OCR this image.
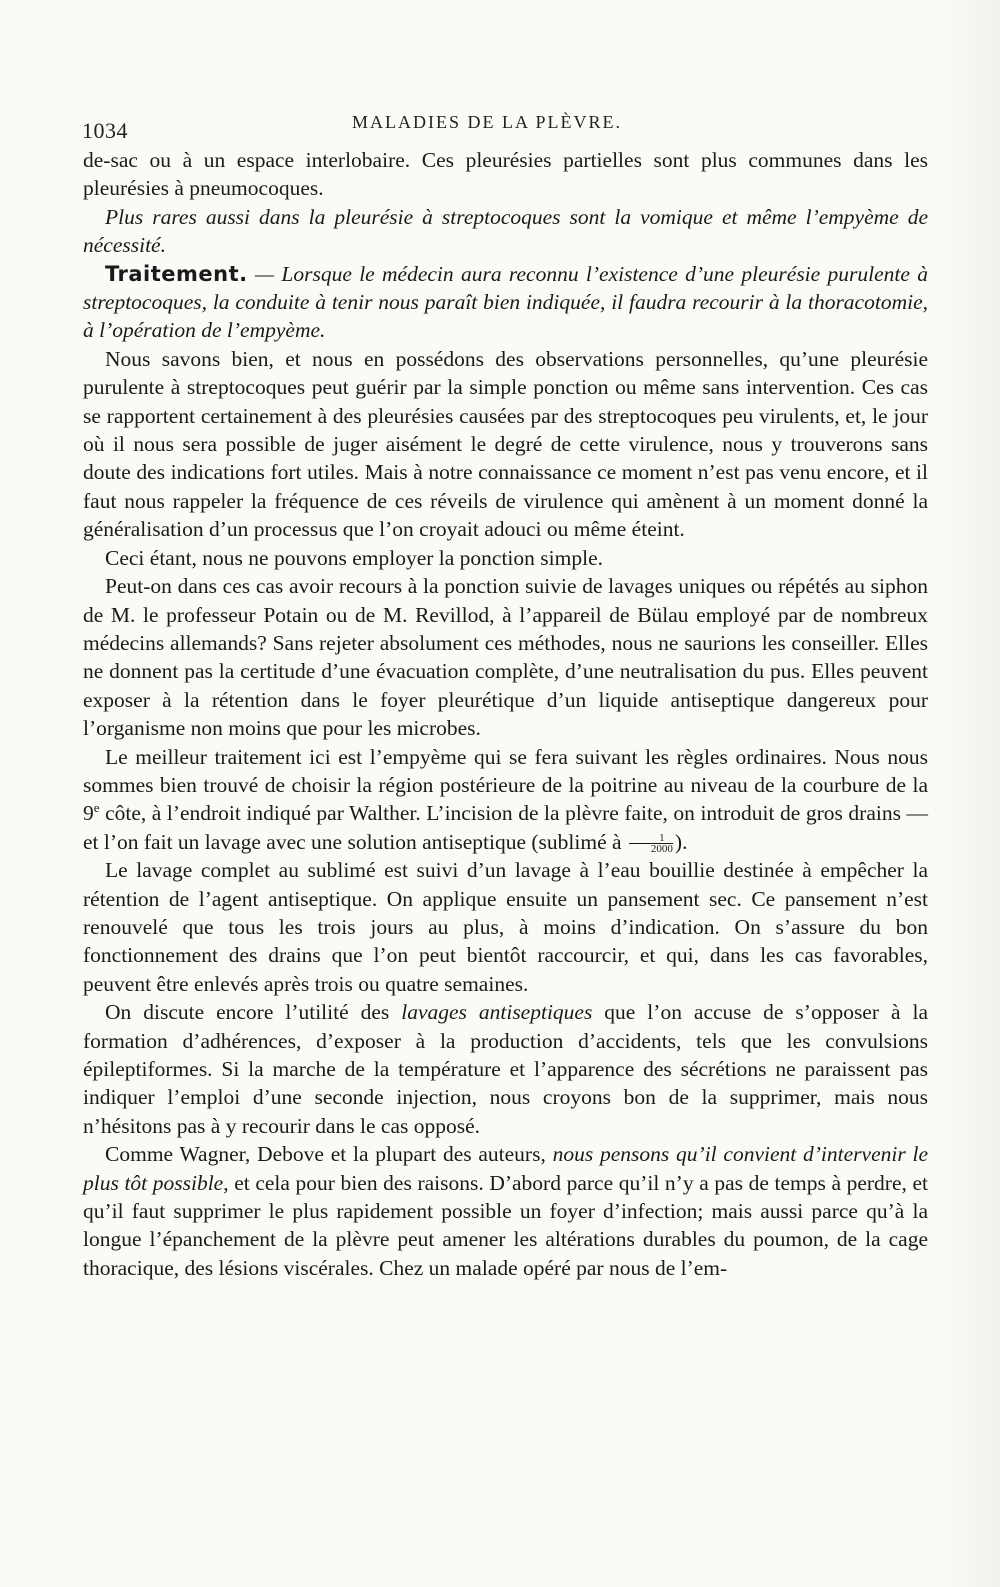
1034	MALADIES DE LA PLÈVRE.

de-sac ou à un espace interlobaire. Ces pleurésies partielles sont plus communes dans les pleurésies à pneumocoques.

Plus rares aussi dans la pleurésie à streptocoques sont la vomique et même l’empyème de nécessité.

Traitement. — Lorsque le médecin aura reconnu l’existence d’une pleurésie purulente à streptocoques, la conduite à tenir nous paraît bien indiquée, il faudra recourir à la thoracotomie, à l’opération de l’empyème.

Nous savons bien, et nous en possédons des observations personnelles, qu’une pleurésie purulente à streptocoques peut guérir par la simple ponction ou même sans intervention. Ces cas se rapportent certainement à des pleurésies causées par des streptocoques peu virulents, et, le jour où il nous sera possible de juger aisément le degré de cette virulence, nous y trouverons sans doute des indications fort utiles. Mais à notre connaissance ce moment n’est pas venu encore, et il faut nous rappeler la fréquence de ces réveils de virulence qui amènent à un moment donné la généralisation d’un processus que l’on croyait adouci ou même éteint.

Ceci étant, nous ne pouvons employer la ponction simple.

Peut-on dans ces cas avoir recours à la ponction suivie de lavages uniques ou répétés au siphon de M. le professeur Potain ou de M. Revillod, à l’appareil de Bülau employé par de nombreux médecins allemands? Sans rejeter absolument ces méthodes, nous ne saurions les conseiller. Elles ne donnent pas la certitude d’une évacuation complète, d’une neutralisation du pus. Elles peuvent exposer à la rétention dans le foyer pleurétique d’un liquide antiseptique dangereux pour l’organisme non moins que pour les microbes.

Le meilleur traitement ici est l’empyème qui se fera suivant les règles ordinaires. Nous nous sommes bien trouvé de choisir la région postérieure de la poitrine au niveau de la courbure de la 9e côte, à l’endroit indiqué par Walther. L’incision de la plèvre faite, on introduit de gros drains — et l’on fait un lavage avec une solution antiseptique (sublimé à $\frac{1}{2000}$ ).

Le lavage complet au sublimé est suivi d’un lavage à l’eau bouillie destinée à empêcher la rétention de l’agent antiseptique. On applique ensuite un pansement sec. Ce pansement n’est renouvelé que tous les trois jours au plus, à moins d’indication. On s’assure du bon fonctionnement des drains que l’on peut bientôt raccourcir, et qui, dans les cas favorables, peuvent être enlevés après trois ou quatre semaines.

On discute encore l’utilité des lavages antiseptiques que l’on accuse de s’opposer à la formation d’adhérences, d’exposer à la production d’accidents, tels que les convulsions épileptiformes. Si la marche de la température et l’apparence des sécrétions ne paraissent pas indiquer l’emploi d’une seconde injection, nous croyons bon de la supprimer, mais nous n’hésitons pas à y recourir dans le cas opposé.

Comme Wagner, Debove et la plupart des auteurs, nous pensons qu’il convient d’intervenir le plus tôt possible, et cela pour bien des raisons. D’abord parce qu’il n’y a pas de temps à perdre, et qu’il faut supprimer le plus rapidement possible un foyer d’infection; mais aussi parce qu’à la longue l’épanchement de la plèvre peut amener les altérations durables du poumon, de la cage thoracique, des lésions viscérales. Chez un malade opéré par nous de l’em-
